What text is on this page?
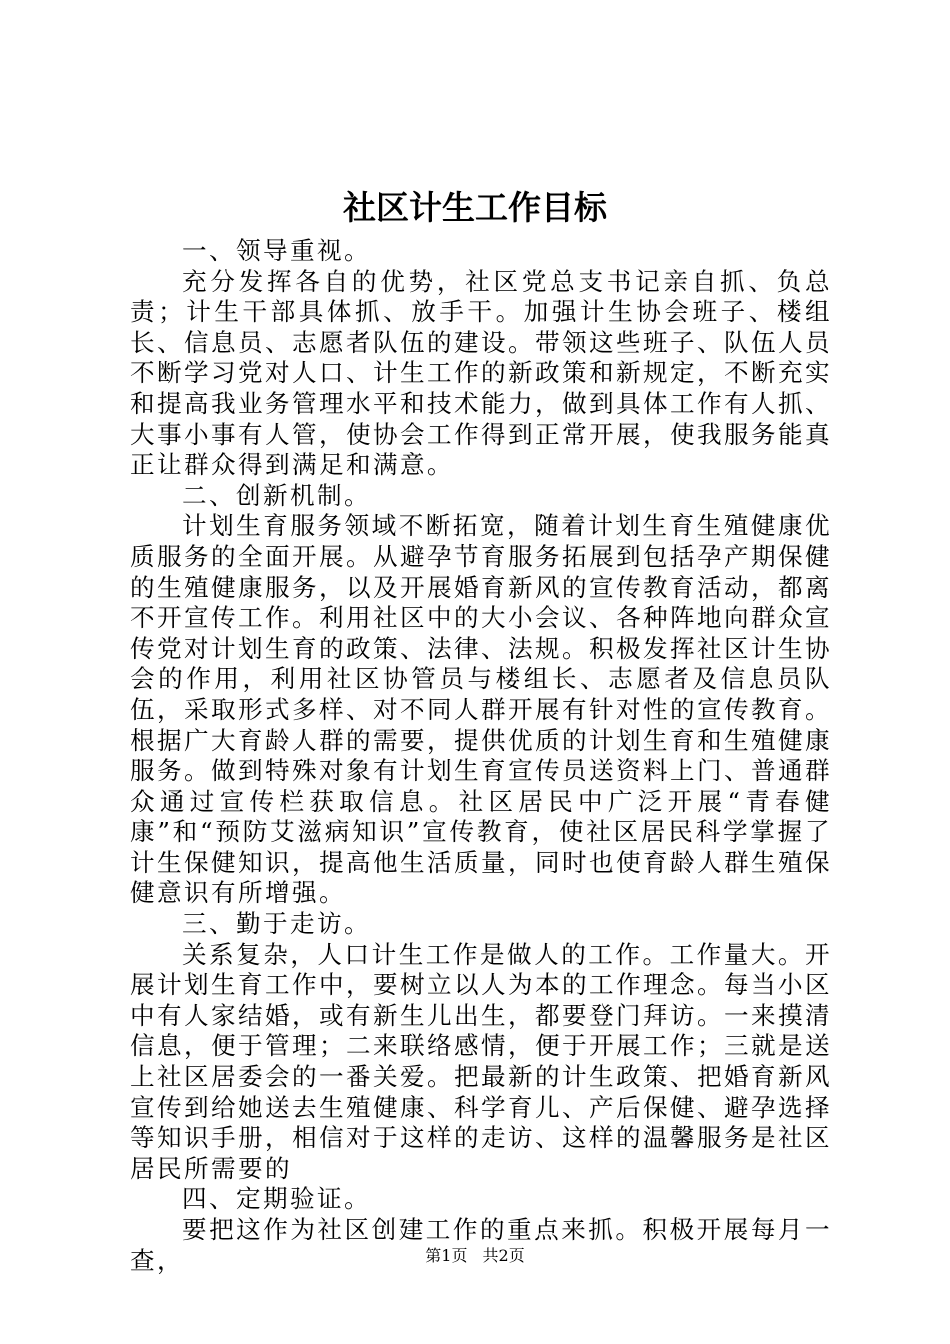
社区计生工作目标

一、领导重视。

充分发挥各自的优势，社区党总支书记亲自抓、负总责；计生干部具体抓、放手干。加强计生协会班子、楼组长、信息员、志愿者队伍的建设。带领这些班子、队伍人员不断学习党对人口、计生工作的新政策和新规定，不断充实和提高我业务管理水平和技术能力，做到具体工作有人抓、大事小事有人管，使协会工作得到正常开展，使我服务能真正让群众得到满足和满意。

二、创新机制。

计划生育服务领域不断拓宽，随着计划生育生殖健康优质服务的全面开展。从避孕节育服务拓展到包括孕产期保健的生殖健康服务，以及开展婚育新风的宣传教育活动，都离不开宣传工作。利用社区中的大小会议、各种阵地向群众宣传党对计划生育的政策、法律、法规。积极发挥社区计生协会的作用，利用社区协管员与楼组长、志愿者及信息员队伍，采取形式多样、对不同人群开展有针对性的宣传教育。根据广大育龄人群的需要，提供优质的计划生育和生殖健康服务。做到特殊对象有计划生育宣传员送资料上门、普通群众通过宣传栏获取信息。社区居民中广泛开展“青春健康”和“预防艾滋病知识”宣传教育，使社区居民科学掌握了计生保健知识，提高他生活质量，同时也使育龄人群生殖保健意识有所增强。

三、勤于走访。

关系复杂，人口计生工作是做人的工作。工作量大。开展计划生育工作中，要树立以人为本的工作理念。每当小区中有人家结婚，或有新生儿出生，都要登门拜访。一来摸清信息，便于管理；二来联络感情，便于开展工作；三就是送上社区居委会的一番关爱。把最新的计生政策、把婚育新风宣传到给她送去生殖健康、科学育儿、产后保健、避孕选择等知识手册，相信对于这样的走访、这样的温馨服务是社区居民所需要的

四、定期验证。

要把这作为社区创建工作的重点来抓。积极开展每月一查，	第1页 共2页
